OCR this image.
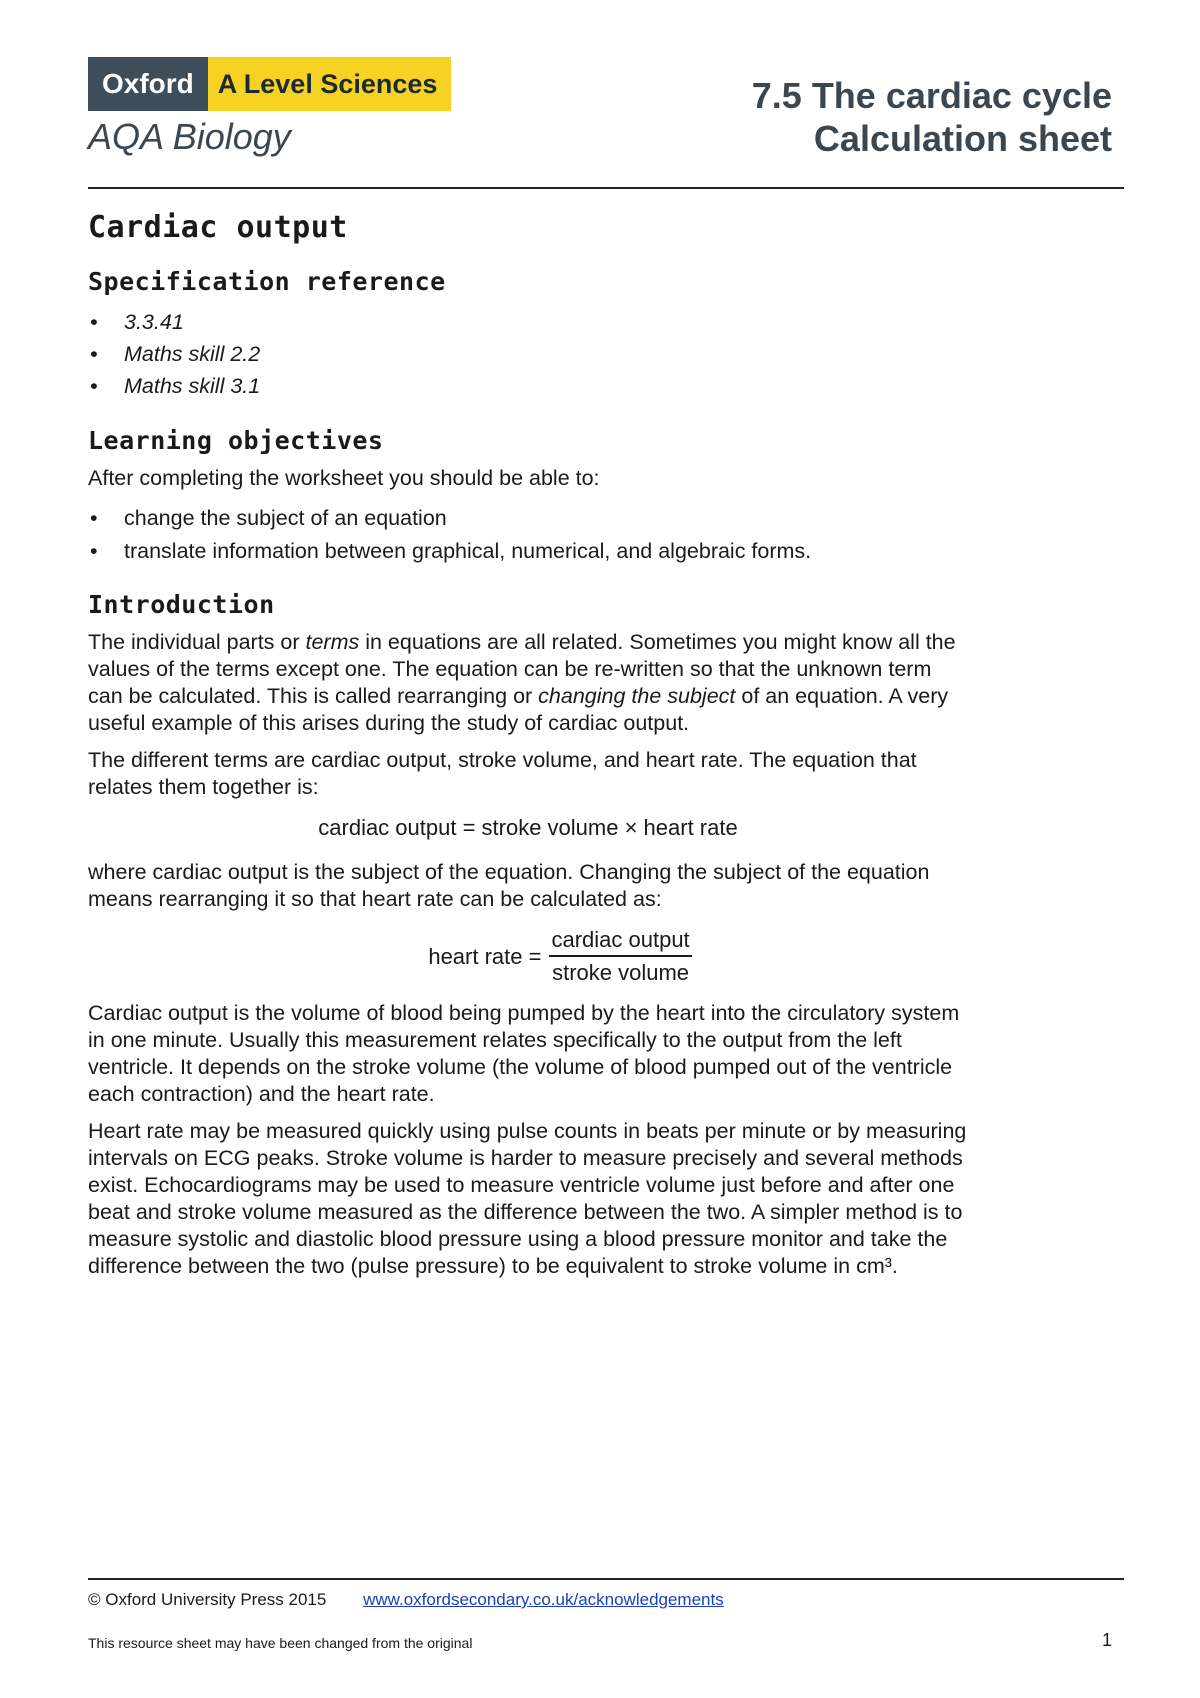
Oxford A Level Sciences
AQA Biology
7.5 The cardiac cycle
Calculation sheet
Cardiac output
Specification reference
• 3.3.41
• Maths skill 2.2
• Maths skill 3.1
Learning objectives

After completing the worksheet you should be able to:

• change the subject of an equation
• translate information between graphical, numerical, and algebraic forms.
Introduction

The individual parts or terms in equations are all related. Sometimes you might know all the values of the terms except one. The equation can be re-written so that the unknown term can be calculated. This is called rearranging or changing the subject of an equation. A very useful example of this arises during the study of cardiac output.

The different terms are cardiac output, stroke volume, and heart rate. The equation that relates them together is:

cardiac output = stroke volume × heart rate

where cardiac output is the subject of the equation. Changing the subject of the equation means rearranging it so that heart rate can be calculated as:

heart rate = $\frac{\text{cardiac output}}{\text{stroke volume}}$

Cardiac output is the volume of blood being pumped by the heart into the circulatory system in one minute. Usually this measurement relates specifically to the output from the left ventricle. It depends on the stroke volume (the volume of blood pumped out of the ventricle each contraction) and the heart rate.

Heart rate may be measured quickly using pulse counts in beats per minute or by measuring intervals on ECG peaks. Stroke volume is harder to measure precisely and several methods exist. Echocardiograms may be used to measure ventricle volume just before and after one beat and stroke volume measured as the difference between the two. A simpler method is to measure systolic and diastolic blood pressure using a blood pressure monitor and take the difference between the two (pulse pressure) to be equivalent to stroke volume in cm³.

© Oxford University Press 2015 www.oxfordsecondary.co.uk/acknowledgements
This resource sheet may have been changed from the original	1
